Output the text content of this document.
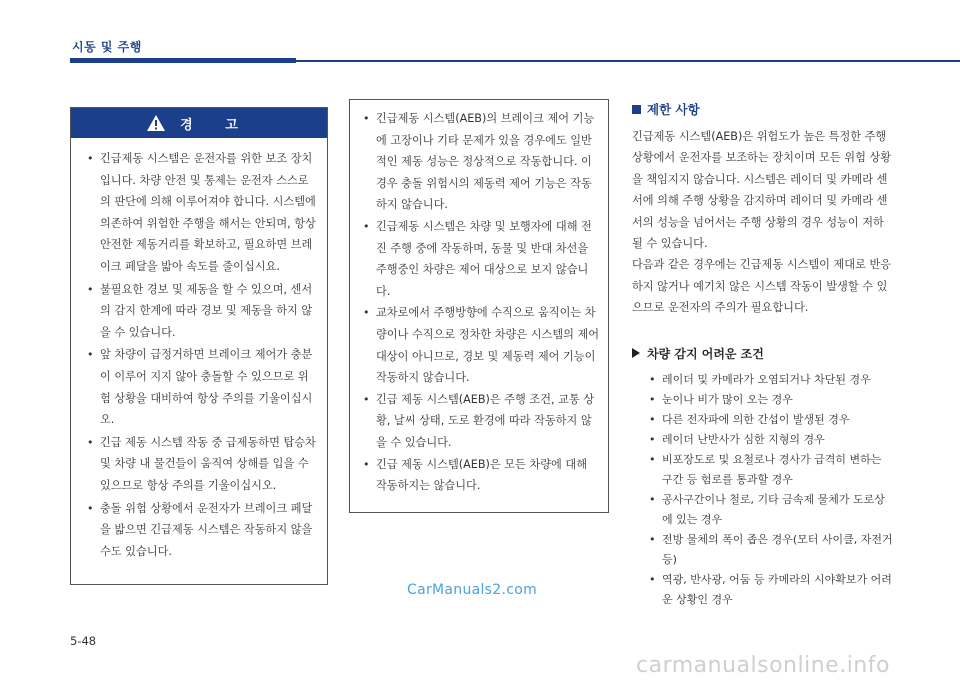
시동 및 주행
경 고
• 긴급제동 시스템은 운전자를 위한 보조 장치입니다. 차량 안전 및 통제는 운전자 스스로의 판단에 의해 이루어져야 합니다. 시스템에 의존하여 위험한 주행을 해서는 안되며, 항상 안전한 제동거리를 확보하고, 필요하면 브레이크 페달을 밟아 속도를 줄이십시요.
• 불필요한 경보 및 제동을 할 수 있으며, 센서의 감지 한계에 따라 경보 및 제동을 하지 않을 수 있습니다.
• 앞 차량이 급정거하면 브레이크 제어가 충분이 이루어 지지 않아 충돌할 수 있으므로 위험 상황을 대비하여 항상 주의를 기울이십시오.
• 긴급 제동 시스템 작동 중 급제동하면 탑승차 및 차량 내 물건들이 움직여 상해를 입을 수 있으므로 항상 주의를 기울이십시오.
• 충돌 위험 상황에서 운전자가 브레이크 페달을 밟으면 긴급제동 시스템은 작동하지 않을 수도 있습니다.
• 긴급제동 시스템(AEB)의 브레이크 제어 기능에 고장이나 기타 문제가 있을 경우에도 일반적인 제동 성능은 정상적으로 작동합니다. 이 경우 충돌 위험시의 제동력 제어 기능은 작동하지 않습니다.
• 긴급제동 시스템은 차량 및 보행자에 대해 전진 주행 중에 작동하며, 동물 및 반대 차선을 주행중인 차량은 제어 대상으로 보지 않습니다.
• 교차로에서 주행방향에 수직으로 움직이는 차량이나 수직으로 정차한 차량은 시스템의 제어 대상이 아니므로, 경보 및 제동력 제어 기능이 작동하지 않습니다.
• 긴급 제동 시스템(AEB)은 주행 조건, 교통 상황, 날씨 상태, 도로 환경에 따라 작동하지 않을 수 있습니다.
• 긴급 제동 시스템(AEB)은 모든 차량에 대해 작동하지는 않습니다.
제한 사항

긴급제동 시스템(AEB)은 위험도가 높은 특정한 주행 상황에서 운전자를 보조하는 장치이며 모든 위험 상황을 책임지지 않습니다. 시스템은 레이더 및 카메라 센서에 의해 주행 상황을 감지하며 레이더 및 카메라 센서의 성능을 넘어서는 주행 상황의 경우 성능이 저하될 수 있습니다.

다음과 같은 경우에는 긴급제동 시스템이 제대로 반응하지 않거나 예기치 않은 시스템 작동이 발생할 수 있으므로 운전자의 주의가 필요합니다.

차량 감지 어려운 조건
• 레이더 및 카메라가 오염되거나 차단된 경우
• 눈이나 비가 많이 오는 경우
• 다른 전자파에 의한 간섭이 발생된 경우
• 레이더 난반사가 심한 지형의 경우
• 비포장도로 및 요철로나 경사가 급격히 변하는 구간 등 험로를 통과할 경우
• 공사구간이나 철로, 기타 금속제 물체가 도로상에 있는 경우
• 전방 물체의 폭이 좁은 경우(모터 사이클, 자전거 등)
• 역광, 반사광, 어둠 등 카메라의 시야확보가 어려운 상황인 경우
CarManuals2.com
5-48
carmanualsonline.info
